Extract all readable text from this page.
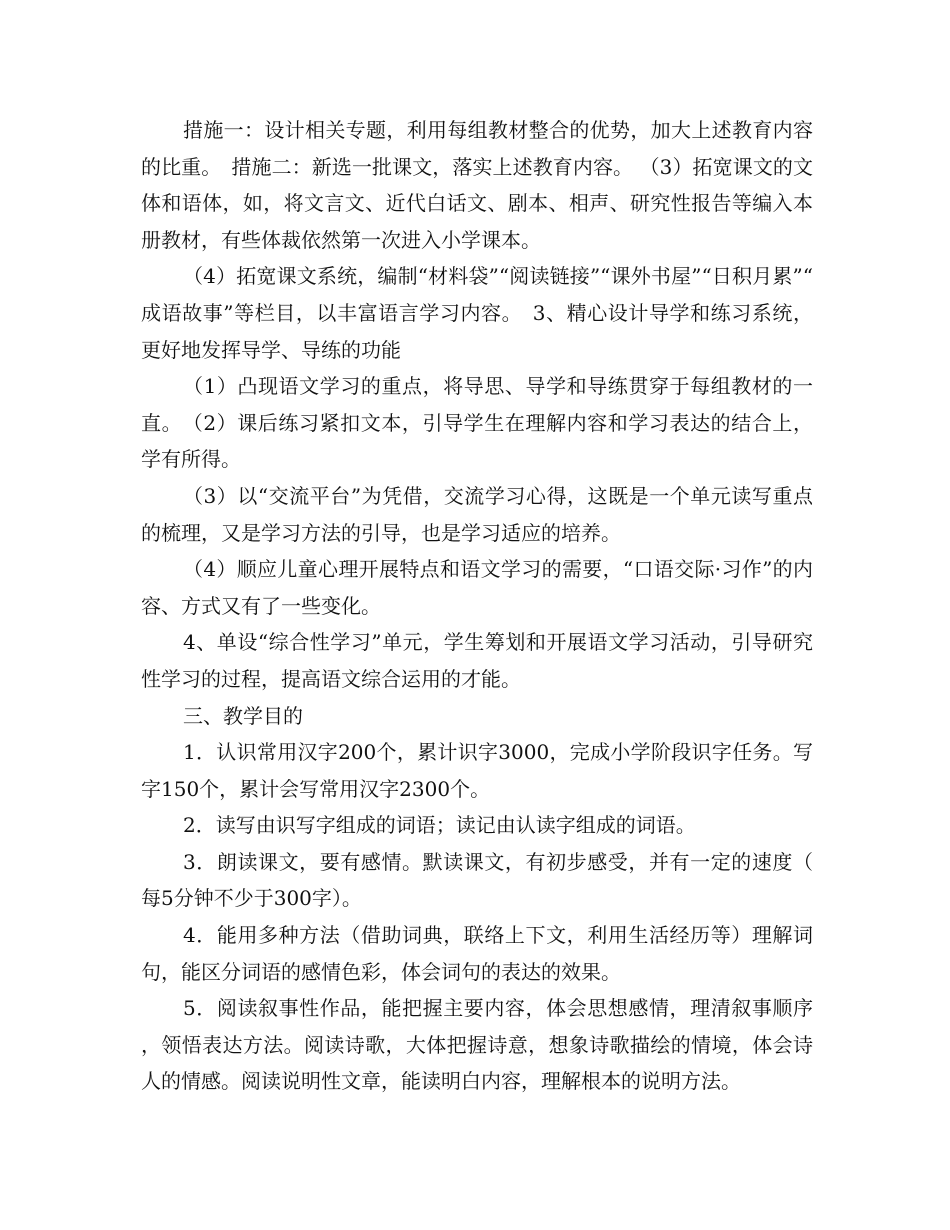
措施一：设计相关专题，利用每组教材整合的优势，加大上述教育内容的比重。　措施二：新选一批课文，落实上述教育内容。 （3）拓宽课文的文体和语体，如，将文言文、近代白话文、剧本、相声、研究性报告等编入本册教材，有些体裁依然第一次进入小学课本。

（4）拓宽课文系统，编制“材料袋”“阅读链接”“课外书屋”“日积月累”“成语故事”等栏目，以丰富语言学习内容。　3、精心设计导学和练习系统，更好地发挥导学、导练的功能

（1）凸现语文学习的重点，将导思、导学和导练贯穿于每组教材的一直。　（2）课后练习紧扣文本，引导学生在理解内容和学习表达的结合上，学有所得。

（3）以“交流平台”为凭借，交流学习心得，这既是一个单元读写重点的梳理，又是学习方法的引导，也是学习适应的培养。

（4）顺应儿童心理开展特点和语文学习的需要，“口语交际·习作”的内容、方式又有了一些变化。

4、单设“综合性学习”单元，学生筹划和开展语文学习活动，引导研究性学习的过程，提高语文综合运用的才能。

三、教学目的

1．认识常用汉字200个，累计识字3000，完成小学阶段识字任务。写字150个，累计会写常用汉字2300个。

2．读写由识写字组成的词语；读记由认读字组成的词语。

3．朗读课文，要有感情。默读课文，有初步感受，并有一定的速度（每5分钟不少于300字）。

4．能用多种方法（借助词典，联络上下文，利用生活经历等）理解词句，能区分词语的感情色彩，体会词句的表达的效果。

5．阅读叙事性作品，能把握主要内容，体会思想感情，理清叙事顺序，领悟表达方法。阅读诗歌，大体把握诗意，想象诗歌描绘的情境，体会诗人的情感。阅读说明性文章，能读明白内容，理解根本的说明方法。
